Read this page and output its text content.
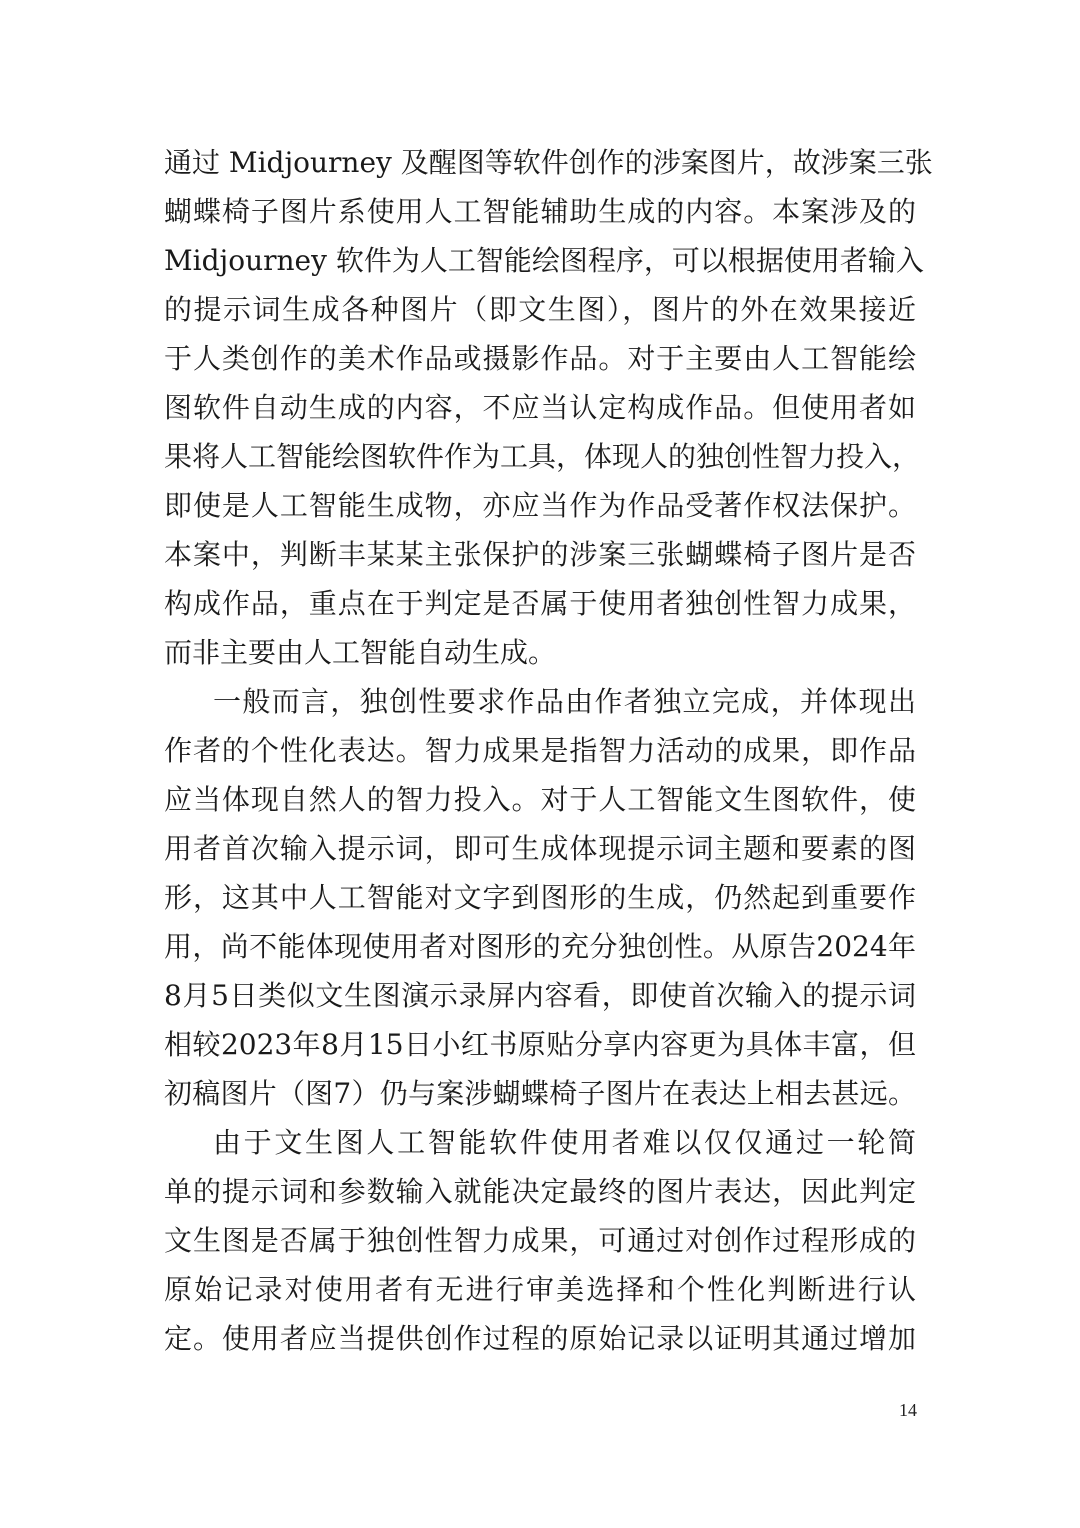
通过 Midjourney 及醒图等软件创作的涉案图片，故涉案三张
蝴蝶椅子图片系使用人工智能辅助生成的内容。本案涉及的
Midjourney 软件为人工智能绘图程序，可以根据使用者输入
的提示词生成各种图片（即文生图），图片的外在效果接近
于人类创作的美术作品或摄影作品。对于主要由人工智能绘
图软件自动生成的内容，不应当认定构成作品。但使用者如
果将人工智能绘图软件作为工具，体现人的独创性智力投入，
即使是人工智能生成物，亦应当作为作品受著作权法保护。
本案中，判断丰某某主张保护的涉案三张蝴蝶椅子图片是否
构成作品，重点在于判定是否属于使用者独创性智力成果，
而非主要由人工智能自动生成。
一般而言，独创性要求作品由作者独立完成，并体现出
作者的个性化表达。智力成果是指智力活动的成果，即作品
应当体现自然人的智力投入。对于人工智能文生图软件，使
用者首次输入提示词，即可生成体现提示词主题和要素的图
形，这其中人工智能对文字到图形的生成，仍然起到重要作
用，尚不能体现使用者对图形的充分独创性。从原告2024年
8月5日类似文生图演示录屏内容看，即使首次输入的提示词
相较2023年8月15日小红书原贴分享内容更为具体丰富，但
初稿图片（图7）仍与案涉蝴蝶椅子图片在表达上相去甚远。
由于文生图人工智能软件使用者难以仅仅通过一轮简
单的提示词和参数输入就能决定最终的图片表达，因此判定
文生图是否属于独创性智力成果，可通过对创作过程形成的
原始记录对使用者有无进行审美选择和个性化判断进行认
定。使用者应当提供创作过程的原始记录以证明其通过增加
14
